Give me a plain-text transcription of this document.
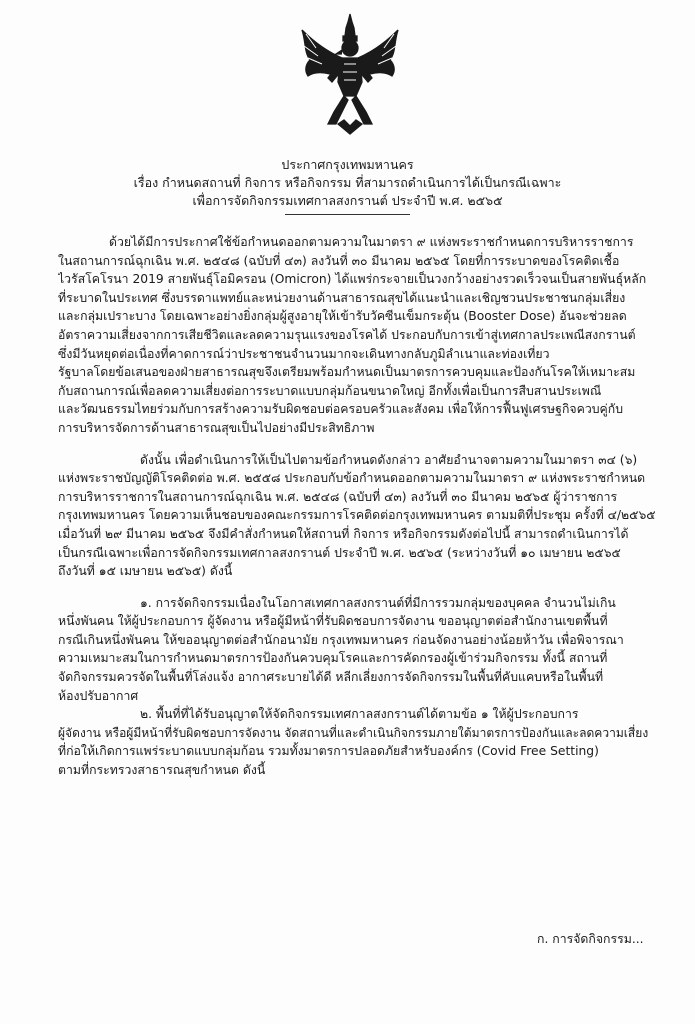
ประกาศกรุงเทพมหานคร
เรื่อง กำหนดสถานที่ กิจการ หรือกิจกรรม ที่สามารถดำเนินการได้เป็นกรณีเฉพาะ
เพื่อการจัดกิจกรรมเทศกาลสงกรานต์ ประจำปี พ.ศ. ๒๕๖๕
ด้วยได้มีการประกาศใช้ข้อกำหนดออกตามความในมาตรา ๙ แห่งพระราชกำหนดการบริหารราชการ
ในสถานการณ์ฉุกเฉิน พ.ศ. ๒๕๔๘ (ฉบับที่ ๔๓) ลงวันที่ ๓๐ มีนาคม ๒๕๖๕ โดยที่การระบาดของโรคติดเชื้อ
ไวรัสโคโรนา 2019 สายพันธุ์โอมิครอน (Omicron) ได้แพร่กระจายเป็นวงกว้างอย่างรวดเร็วจนเป็นสายพันธุ์หลัก
ที่ระบาดในประเทศ ซึ่งบรรดาแพทย์และหน่วยงานด้านสาธารณสุขได้แนะนำและเชิญชวนประชาชนกลุ่มเสี่ยง
และกลุ่มเปราะบาง โดยเฉพาะอย่างยิ่งกลุ่มผู้สูงอายุให้เข้ารับวัคซีนเข็มกระตุ้น (Booster Dose) อันจะช่วยลด
อัตราความเสี่ยงจากการเสียชีวิตและลดความรุนแรงของโรคได้ ประกอบกับการเข้าสู่เทศกาลประเพณีสงกรานต์
ซึ่งมีวันหยุดต่อเนื่องที่คาดการณ์ว่าประชาชนจำนวนมากจะเดินทางกลับภูมิลำเนาและท่องเที่ยว
รัฐบาลโดยข้อเสนอของฝ่ายสาธารณสุขจึงเตรียมพร้อมกำหนดเป็นมาตรการควบคุมและป้องกันโรคให้เหมาะสม
กับสถานการณ์เพื่อลดความเสี่ยงต่อการระบาดแบบกลุ่มก้อนขนาดใหญ่ อีกทั้งเพื่อเป็นการสืบสานประเพณี
และวัฒนธรรมไทยร่วมกับการสร้างความรับผิดชอบต่อครอบครัวและสังคม เพื่อให้การฟื้นฟูเศรษฐกิจควบคู่กับ
การบริหารจัดการด้านสาธารณสุขเป็นไปอย่างมีประสิทธิภาพ
ดังนั้น เพื่อดำเนินการให้เป็นไปตามข้อกำหนดดังกล่าว อาศัยอำนาจตามความในมาตรา ๓๔ (๖)
แห่งพระราชบัญญัติโรคติดต่อ พ.ศ. ๒๕๕๘ ประกอบกับข้อกำหนดออกตามความในมาตรา ๙ แห่งพระราชกำหนด
การบริหารราชการในสถานการณ์ฉุกเฉิน พ.ศ. ๒๕๔๘ (ฉบับที่ ๔๓) ลงวันที่ ๓๐ มีนาคม ๒๕๖๕ ผู้ว่าราชการ
กรุงเทพมหานคร โดยความเห็นชอบของคณะกรรมการโรคติดต่อกรุงเทพมหานคร ตามมติที่ประชุม ครั้งที่ ๔/๒๕๖๕
เมื่อวันที่ ๒๙ มีนาคม ๒๕๖๕ จึงมีคำสั่งกำหนดให้สถานที่ กิจการ หรือกิจกรรมดังต่อไปนี้ สามารถดำเนินการได้
เป็นกรณีเฉพาะเพื่อการจัดกิจกรรมเทศกาลสงกรานต์ ประจำปี พ.ศ. ๒๕๖๕ (ระหว่างวันที่ ๑๐ เมษายน ๒๕๖๕
ถึงวันที่ ๑๕ เมษายน ๒๕๖๕) ดังนี้
๑. การจัดกิจกรรมเนื่องในโอกาสเทศกาลสงกรานต์ที่มีการรวมกลุ่มของบุคคล จำนวนไม่เกิน
หนึ่งพันคน ให้ผู้ประกอบการ ผู้จัดงาน หรือผู้มีหน้าที่รับผิดชอบการจัดงาน ขออนุญาตต่อสำนักงานเขตพื้นที่
กรณีเกินหนึ่งพันคน ให้ขออนุญาตต่อสำนักอนามัย กรุงเทพมหานคร ก่อนจัดงานอย่างน้อยห้าวัน เพื่อพิจารณา
ความเหมาะสมในการกำหนดมาตรการป้องกันควบคุมโรคและการคัดกรองผู้เข้าร่วมกิจกรรม ทั้งนี้ สถานที่
จัดกิจกรรมควรจัดในพื้นที่โล่งแจ้ง อากาศระบายได้ดี หลีกเลี่ยงการจัดกิจกรรมในพื้นที่คับแคบหรือในพื้นที่
ห้องปรับอากาศ
๒. พื้นที่ที่ได้รับอนุญาตให้จัดกิจกรรมเทศกาลสงกรานต์ได้ตามข้อ ๑ ให้ผู้ประกอบการ
ผู้จัดงาน หรือผู้มีหน้าที่รับผิดชอบการจัดงาน จัดสถานที่และดำเนินกิจกรรมภายใต้มาตรการป้องกันและลดความเสี่ยง
ที่ก่อให้เกิดการแพร่ระบาดแบบกลุ่มก้อน รวมทั้งมาตรการปลอดภัยสำหรับองค์กร (Covid Free Setting)
ตามที่กระทรวงสาธารณสุขกำหนด ดังนี้
ก. การจัดกิจกรรม...
